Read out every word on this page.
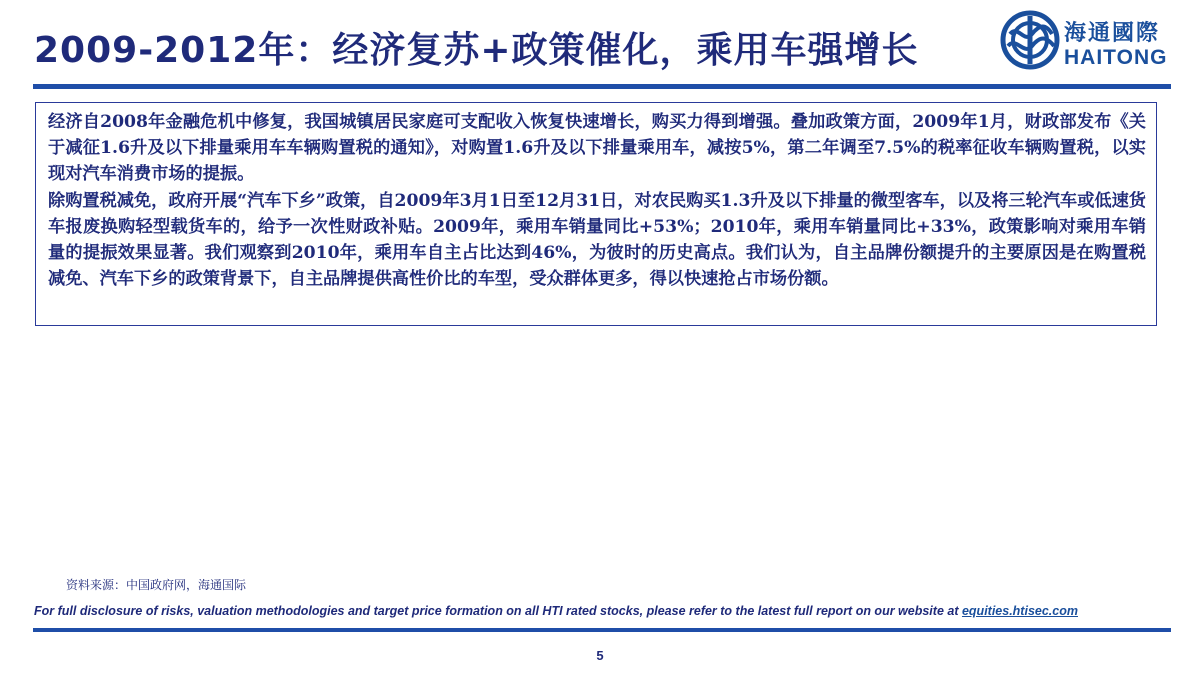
2009-2012年：经济复苏+政策催化，乘用车强增长	海通國際
HAITONG

经济自2008年金融危机中修复，我国城镇居民家庭可支配收入恢复快速增长，购买力得到增强。叠加政策方面，2009年1月，财政部发布《关于减征1.6升及以下排量乘用车车辆购置税的通知》，对购置1.6升及以下排量乘用车，减按5%，第二年调至7.5%的税率征收车辆购置税，以实现对汽车消费市场的提振。

除购置税减免，政府开展“汽车下乡”政策，自2009年3月1日至12月31日，对农民购买1.3升及以下排量的微型客车，以及将三轮汽车或低速货车报废换购轻型载货车的，给予一次性财政补贴。2009年，乘用车销量同比+53%；2010年，乘用车销量同比+33%，政策影响对乘用车销量的提振效果显著。我们观察到2010年，乘用车自主占比达到46%，为彼时的历史高点。我们认为，自主品牌份额提升的主要原因是在购置税减免、汽车下乡的政策背景下，自主品牌提供高性价比的车型，受众群体更多，得以快速抢占市场份额。

资料来源：中国政府网，海通国际
For full disclosure of risks, valuation methodologies and target price formation on all HTI rated stocks, please refer to the latest full report on our website at equities.htisec.com
5
